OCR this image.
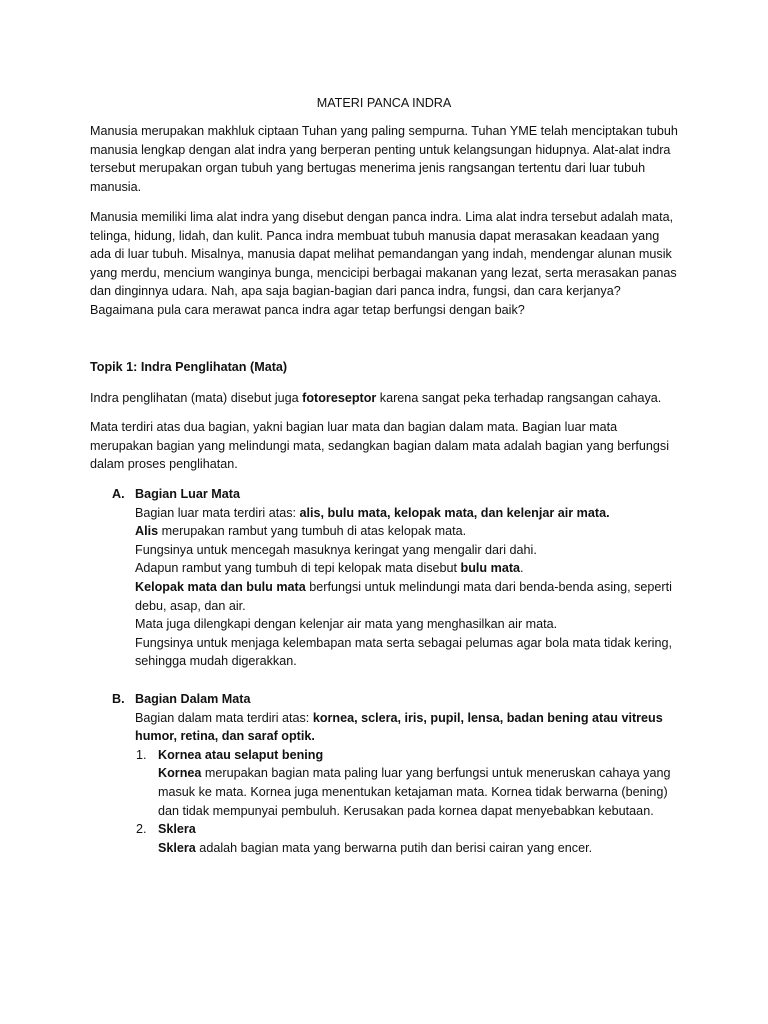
MATERI PANCA INDRA

Manusia merupakan makhluk ciptaan Tuhan yang paling sempurna. Tuhan YME telah menciptakan tubuh manusia lengkap dengan alat indra yang berperan penting untuk kelangsungan hidupnya. Alat-alat indra tersebut merupakan organ tubuh yang bertugas menerima jenis rangsangan tertentu dari luar tubuh manusia.

Manusia memiliki lima alat indra yang disebut dengan panca indra. Lima alat indra tersebut adalah mata, telinga, hidung, lidah, dan kulit. Panca indra membuat tubuh manusia dapat merasakan keadaan yang ada di luar tubuh. Misalnya, manusia dapat melihat pemandangan yang indah, mendengar alunan musik yang merdu, mencium wanginya bunga, mencicipi berbagai makanan yang lezat, serta merasakan panas dan dinginnya udara. Nah, apa saja bagian-bagian dari panca indra, fungsi, dan cara kerjanya? Bagaimana pula cara merawat panca indra agar tetap berfungsi dengan baik?

Topik 1: Indra Penglihatan (Mata)

Indra penglihatan (mata) disebut juga fotoreseptor karena sangat peka terhadap rangsangan cahaya.

Mata terdiri atas dua bagian, yakni bagian luar mata dan bagian dalam mata. Bagian luar mata merupakan bagian yang melindungi mata, sedangkan bagian dalam mata adalah bagian yang berfungsi dalam proses penglihatan.

A. Bagian Luar Mata
Bagian luar mata terdiri atas: alis, bulu mata, kelopak mata, dan kelenjar air mata.
Alis merupakan rambut yang tumbuh di atas kelopak mata.
Fungsinya untuk mencegah masuknya keringat yang mengalir dari dahi.
Adapun rambut yang tumbuh di tepi kelopak mata disebut bulu mata.
Kelopak mata dan bulu mata berfungsi untuk melindungi mata dari benda-benda asing, seperti debu, asap, dan air.
Mata juga dilengkapi dengan kelenjar air mata yang menghasilkan air mata.
Fungsinya untuk menjaga kelembapan mata serta sebagai pelumas agar bola mata tidak kering, sehingga mudah digerakkan.
B. Bagian Dalam Mata
Bagian dalam mata terdiri atas: kornea, sclera, iris, pupil, lensa, badan bening atau vitreus humor, retina, dan saraf optik.
1. Kornea atau selaput bening
Kornea merupakan bagian mata paling luar yang berfungsi untuk meneruskan cahaya yang masuk ke mata. Kornea juga menentukan ketajaman mata. Kornea tidak berwarna (bening) dan tidak mempunyai pembuluh. Kerusakan pada kornea dapat menyebabkan kebutaan.
2. Sklera
Sklera adalah bagian mata yang berwarna putih dan berisi cairan yang encer.
